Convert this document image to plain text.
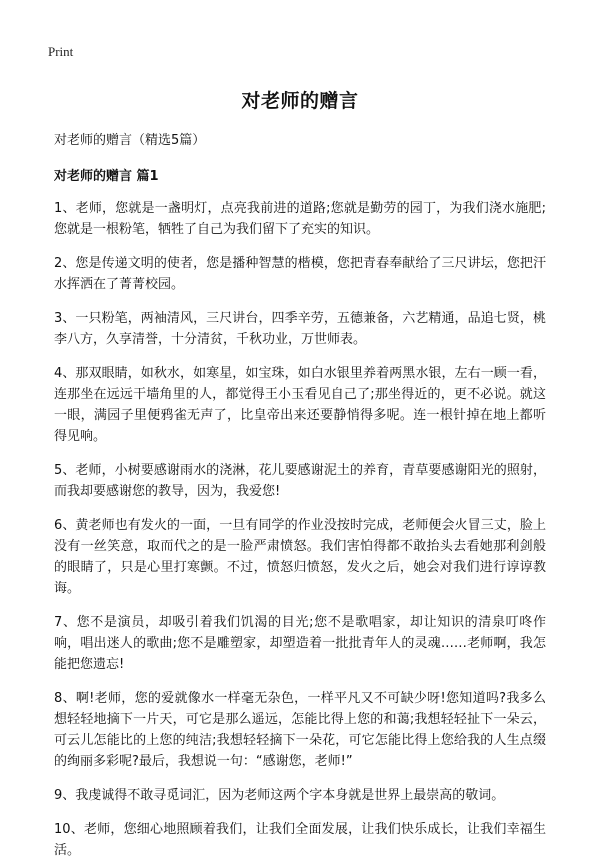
Print
对老师的赠言
对老师的赠言（精选5篇）
对老师的赠言 篇1

1、老师，您就是一盏明灯，点亮我前进的道路;您就是勤劳的园丁，为我们浇水施肥;您就是一根粉笔，牺牲了自己为我们留下了充实的知识。

2、您是传递文明的使者，您是播种智慧的楷模，您把青春奉献给了三尺讲坛，您把汗水挥洒在了菁菁校园。

3、一只粉笔，两袖清风，三尺讲台，四季辛劳，五德兼备，六艺精通，品追七贤，桃李八方，久享清誉，十分清贫，千秋功业，万世师表。

4、那双眼睛，如秋水，如寒星，如宝珠，如白水银里养着两黑水银，左右一顾一看，连那坐在远远干墙角里的人，都觉得王小玉看见自己了;那坐得近的，更不必说。就这一眼，满园子里便鸦雀无声了，比皇帝出来还要静悄得多呢。连一根针掉在地上都听得见响。

5、老师，小树要感谢雨水的浇淋，花儿要感谢泥土的养育，青草要感谢阳光的照射，而我却要感谢您的教导，因为，我爱您!

6、黄老师也有发火的一面，一旦有同学的作业没按时完成，老师便会火冒三丈，脸上没有一丝笑意，取而代之的是一脸严肃愤怒。我们害怕得都不敢抬头去看她那利剑般的眼睛了，只是心里打寒颤。不过，愤怒归愤怒，发火之后，她会对我们进行谆谆教诲。

7、您不是演员，却吸引着我们饥渴的目光;您不是歌唱家，却让知识的清泉叮咚作响，唱出迷人的歌曲;您不是雕塑家，却塑造着一批批青年人的灵魂……老师啊，我怎能把您遗忘!

8、啊!老师，您的爱就像水一样毫无杂色，一样平凡又不可缺少呀!您知道吗?我多么想轻轻地摘下一片天，可它是那么遥远，怎能比得上您的和蔼;我想轻轻扯下一朵云，可云儿怎能比的上您的纯洁;我想轻轻摘下一朵花，可它怎能比得上您给我的人生点缀的绚丽多彩呢?最后，我想说一句：“感谢您，老师!”

9、我虔诚得不敢寻觅词汇，因为老师这两个字本身就是世界上最崇高的敬词。

10、老师，您细心地照顾着我们，让我们全面发展，让我们快乐成长，让我们幸福生活。
